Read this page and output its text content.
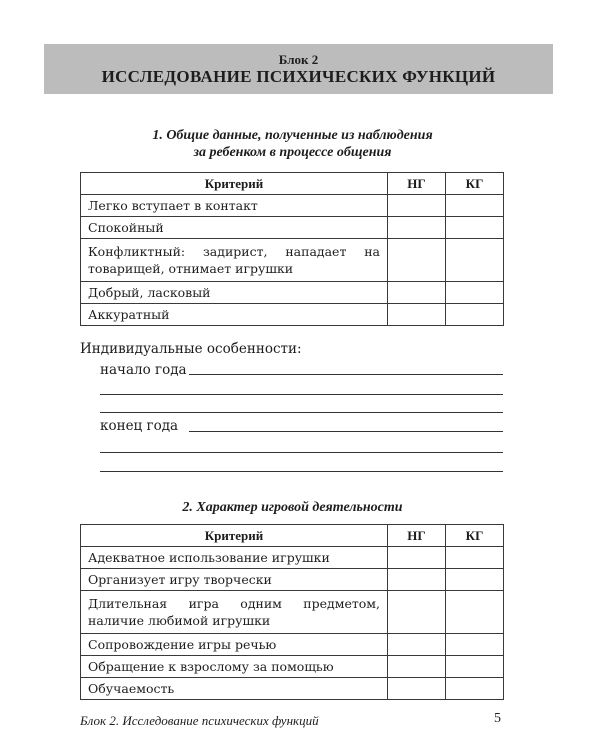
Блок 2
ИССЛЕДОВАНИЕ ПСИХИЧЕСКИХ ФУНКЦИЙ
1. Общие данные, полученные из наблюдения
за ребенком в процессе общения
Критерий	НГ	КГ
Легко вступает в контакт		
Спокойный		
Конфликтный: задирист, нападает на товарищей, отнимает игрушки		
Добрый, ласковый		
Аккуратный		
Индивидуальные особенности:
начало года
конец года
2. Характер игровой деятельности
Критерий	НГ	КГ
Адекватное использование игрушки		
Организует игру творчески		
Длительная игра одним предметом, наличие любимой игрушки		
Сопровождение игры речью		
Обращение к взрослому за помощью		
Обучаемость		
Блок 2. Исследование психических функций	5
